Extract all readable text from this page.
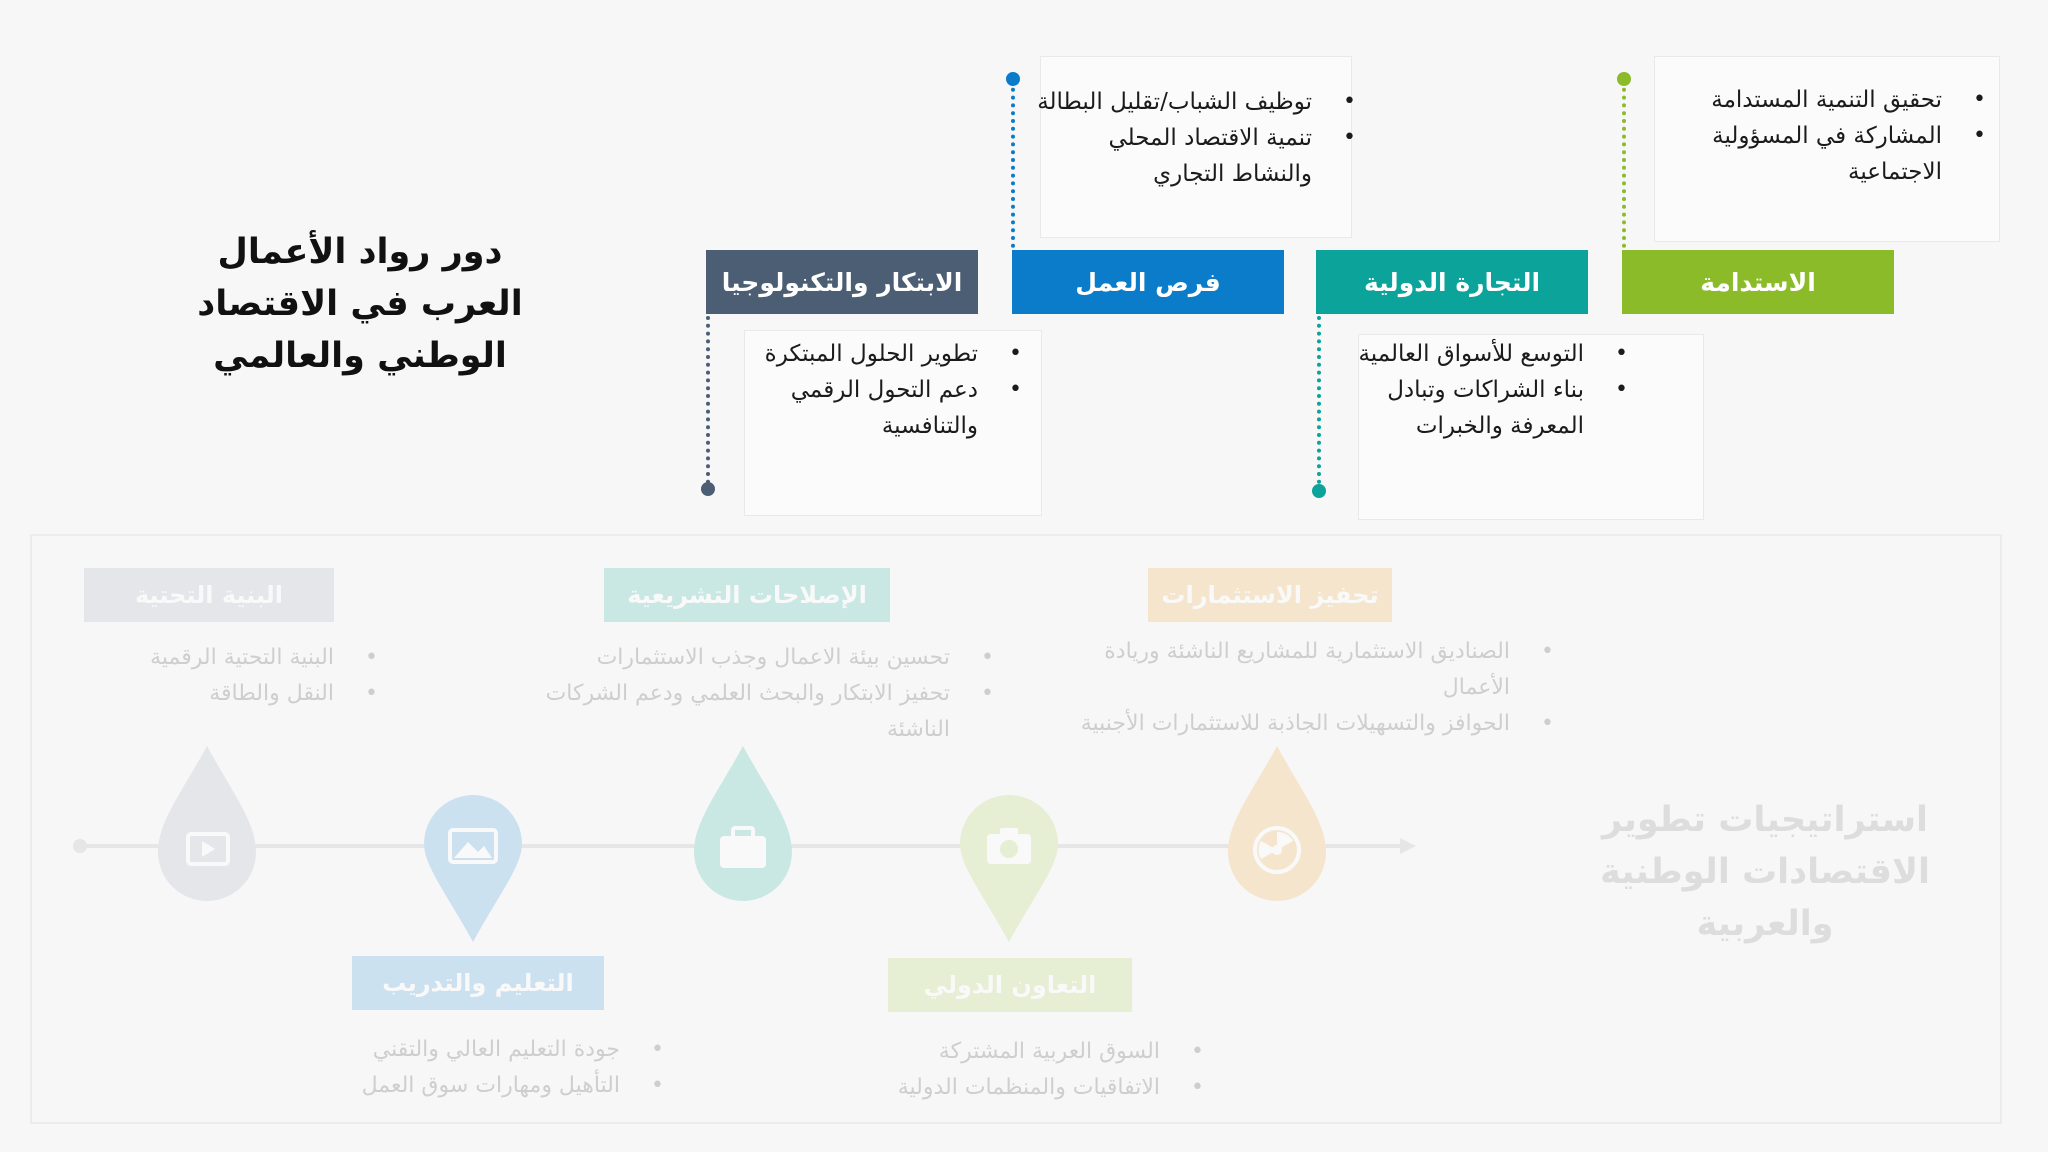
البنية التحتية
التعليم والتدريب
الإصلاحات التشريعية
التعاون الدولي
تحفيز الاستثمارات
• البنية التحتية الرقمية
• النقل والطاقة
• جودة التعليم العالي والتقني
• التأهيل ومهارات سوق العمل
• تحسين بيئة الاعمال وجذب الاستثمارات
• تحفيز الابتكار والبحث العلمي ودعم الشركات الناشئة
• السوق العربية المشتركة
• الاتفاقيات والمنظمات الدولية
• الصناديق الاستثمارية للمشاريع الناشئة وريادة الأعمال
• الحوافز والتسهيلات الجاذبة للاستثمارات الأجنبية
استراتيجيات تطوير الاقتصادات الوطنية والعربية
دور رواد الأعمال العرب في الاقتصاد الوطني والعالمي
الاستدامة
التجارة الدولية
فرص العمل
الابتكار والتكنولوجيا
• تحقيق التنمية المستدامة
• المشاركة في المسؤولية الاجتماعية
• توظيف الشباب/تقليل البطالة
• تنمية الاقتصاد المحلي والنشاط التجاري
• التوسع للأسواق العالمية
• بناء الشراكات وتبادل المعرفة والخبرات
• تطوير الحلول المبتكرة
• دعم التحول الرقمي والتنافسية
